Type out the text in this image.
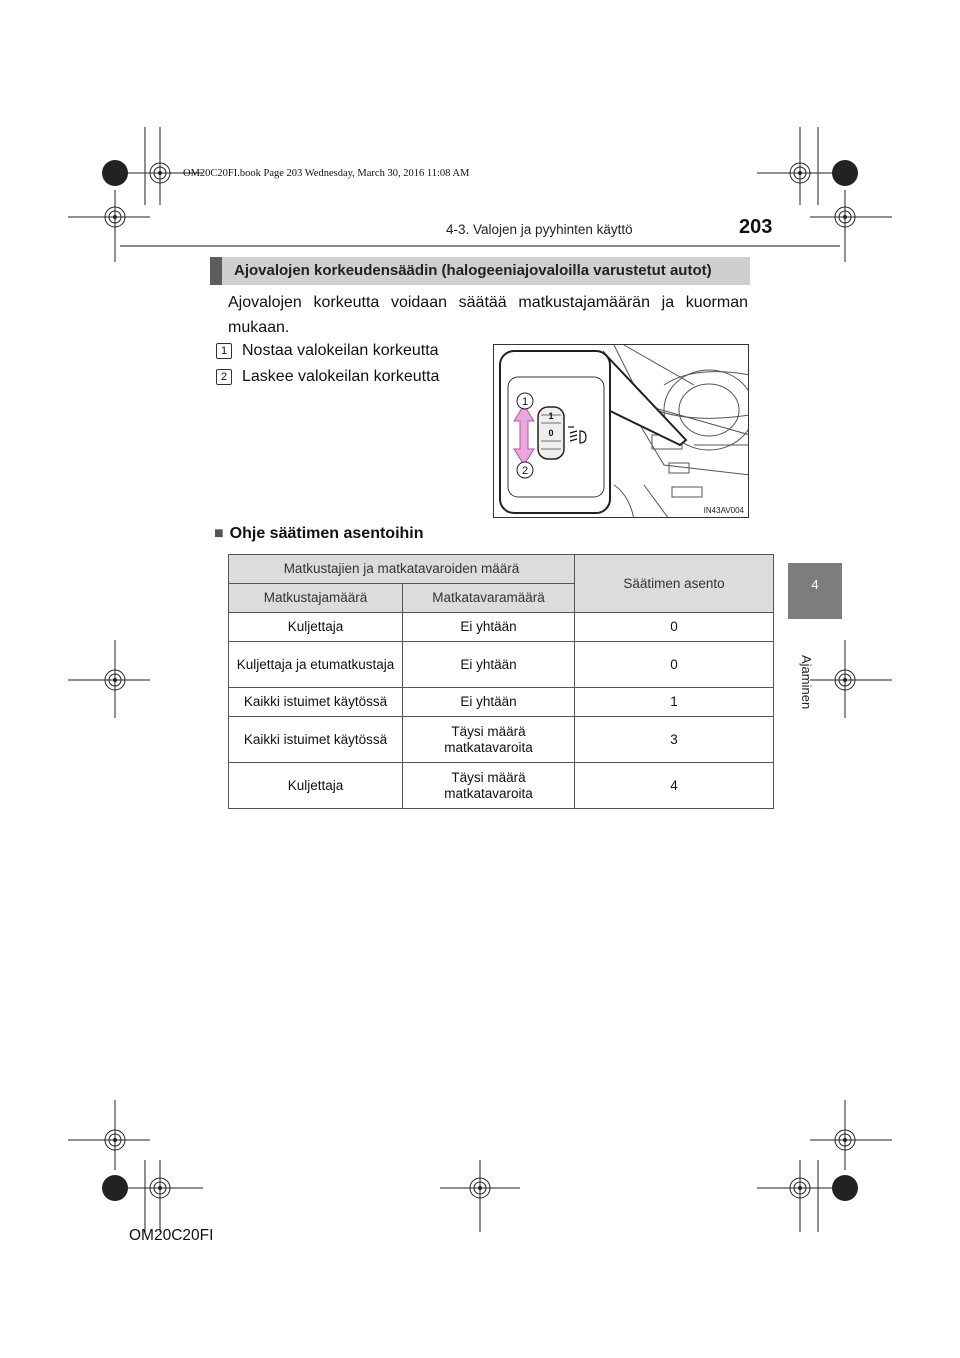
OM20C20FI.book Page 203 Wednesday, March 30, 2016 11:08 AM
4-3. Valojen ja pyyhinten käyttö	203
Ajovalojen korkeudensäädin (halogeeniajovaloilla varustetut autot)
4
Ajaminen
Ajovalojen korkeutta voidaan säätää matkustajamäärän ja kuorman mukaan.
1 Nostaa valokeilan korkeutta
2 Laskee valokeilan korkeutta
1
0
1
2
IN43AV004
■ Ohje säätimen asentoihin
Matkustajien ja matkatavaroiden määrä		Säätimen asento
Matkustajamäärä	Matkatavaramäärä	
Kuljettaja	Ei yhtään	0
Kuljettaja ja etumatkustaja	Ei yhtään	0
Kaikki istuimet käytössä	Ei yhtään	1
Kaikki istuimet käytössä	Täysi määrä matkatavaroita	3
Kuljettaja	Täysi määrä matkatavaroita	4
OM20C20FI
